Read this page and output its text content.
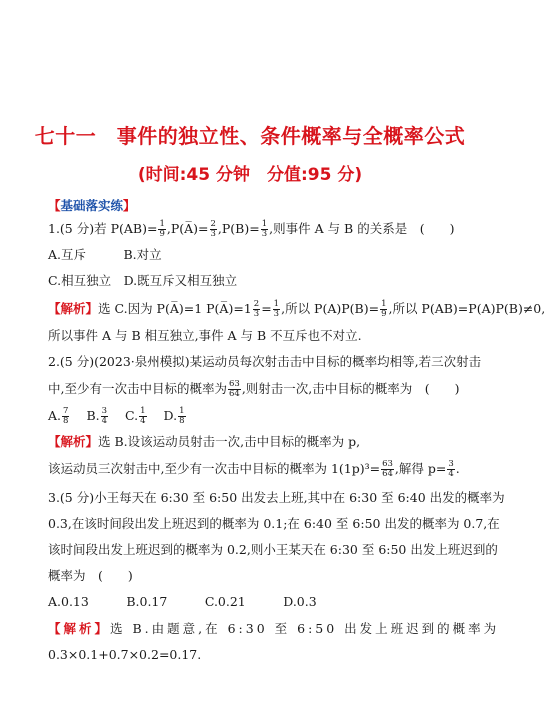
七十一　事件的独立性、条件概率与全概率公式
(时间:45 分钟　分值:95 分)
【基础落实练】
1.(5 分)若 $P(AB)= \frac{1}{9}$ ,P(A̅)= $\frac{2}{3} ,P(B)= \frac{1}{3}$ ,则事件 A 与 B 的关系是　(　　)
A.互斥　　　B.对立
C.相互独立　D.既互斥又相互独立
【解析】选 C.因为 P(A̅)=1 P(A̅)=1 $\frac{2}{3} = \frac{1}{3}$ ,所以 $P(A)P(B)= \frac{1}{9}$ ,所以 P(AB)=P(A)P(B)≠0,
所以事件 A 与 B 相互独立,事件 A 与 B 不互斥也不对立.
2.(5 分)(2023·泉州模拟)某运动员每次射击击中目标的概率均相等,若三次射击
中,至少有一次击中目标的概率为 $\frac{63}{64}$ ,则射击一次,击中目标的概率为　(　　)
A. $\frac{7}{8} B$. $\frac{3}{4} C$. $\frac{1}{4} D$. $\frac{1}{8}$
【解析】选 B.设该运动员射击一次,击中目标的概率为 p,
该运动员三次射击中,至少有一次击中目标的概率为 $1(1p)^3= \frac{63}{64}$ ,解得 $p= \frac{3}{4}$ .
3.(5 分)小王每天在 6:30 至 6:50 出发去上班,其中在 6:30 至 6:40 出发的概率为
0.3,在该时间段出发上班迟到的概率为 0.1;在 6:40 至 6:50 出发的概率为 0.7,在
该时间段出发上班迟到的概率为 0.2,则小王某天在 6:30 至 6:50 出发上班迟到的
概率为　(　　)
A.0.13　　　B.0.17　　　C.0.21　　　D.0.3
【解析】选 B.由题意,在 6:30 至 6:50 出发上班迟到的概率为
0.3×0.1+0.7×0.2=0.17.
